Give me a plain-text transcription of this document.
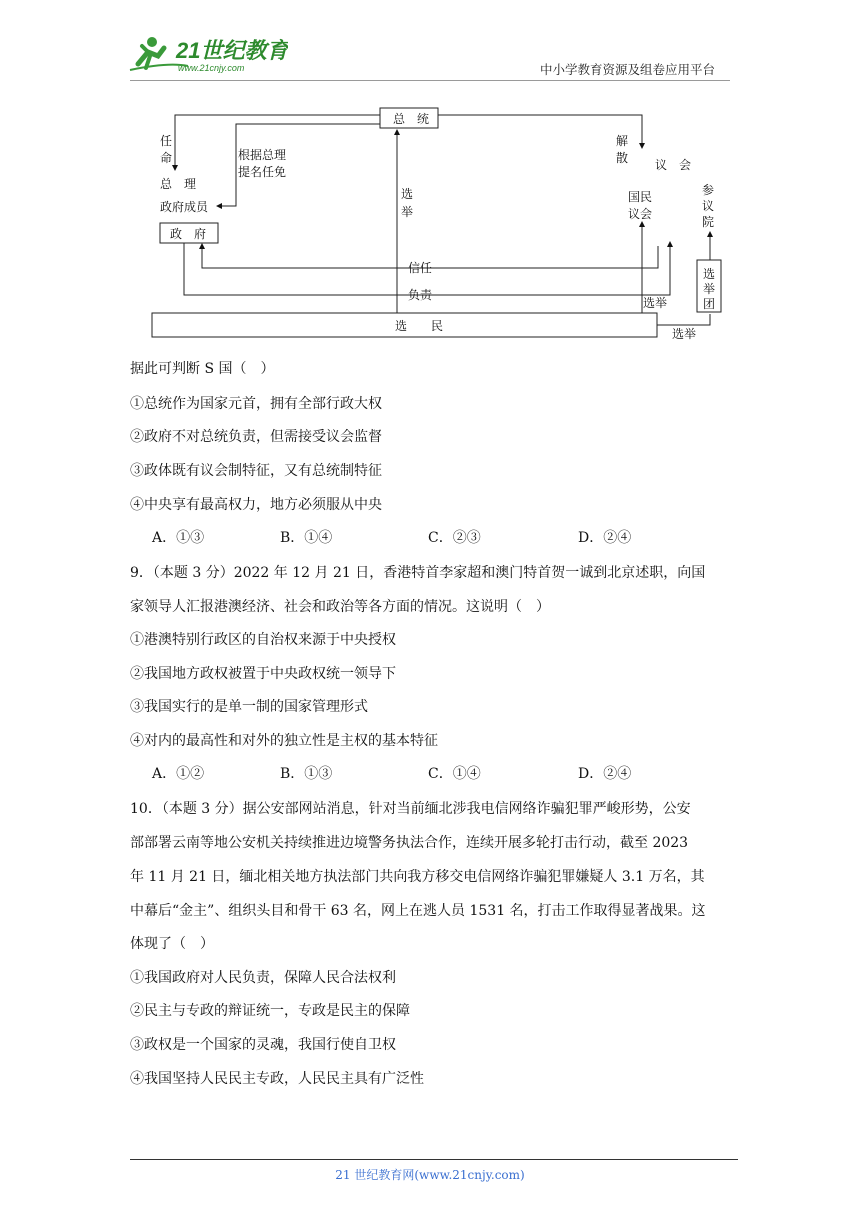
21世纪教育
www.21cnjy.com	中小学教育资源及组卷应用平台
总　统
任
命
总　理
政府成员
根据总理
提名任免
政　府
选
举
解
散 议　会
国民
议会
参
议
院
信任
负责
选举
选
举
团
选　　民
选举
据此可判断 S 国（　）
①总统作为国家元首，拥有全部行政大权
②政府不对总统负责，但需接受议会监督
③政体既有议会制特征，又有总统制特征
④中央享有最高权力，地方必须服从中央
A．①③	B．①④	C．②③	D．②④
9．（本题 3 分）2022 年 12 月 21 日，香港特首李家超和澳门特首贺一诚到北京述职，向国
家领导人汇报港澳经济、社会和政治等各方面的情况。这说明（　）
①港澳特别行政区的自治权来源于中央授权
②我国地方政权被置于中央政权统一领导下
③我国实行的是单一制的国家管理形式
④对内的最高性和对外的独立性是主权的基本特征
A．①②	B．①③	C．①④	D．②④
10．（本题 3 分）据公安部网站消息，针对当前缅北涉我电信网络诈骗犯罪严峻形势，公安
部部署云南等地公安机关持续推进边境警务执法合作，连续开展多轮打击行动，截至 2023
年 11 月 21 日，缅北相关地方执法部门共向我方移交电信网络诈骗犯罪嫌疑人 3.1 万名，其
中幕后“金主”、组织头目和骨干 63 名，网上在逃人员 1531 名，打击工作取得显著战果。这
体现了（　）
①我国政府对人民负责，保障人民合法权利
②民主与专政的辩证统一，专政是民主的保障
③政权是一个国家的灵魂，我国行使自卫权
④我国坚持人民民主专政，人民民主具有广泛性
21 世纪教育网(www.21cnjy.com)
